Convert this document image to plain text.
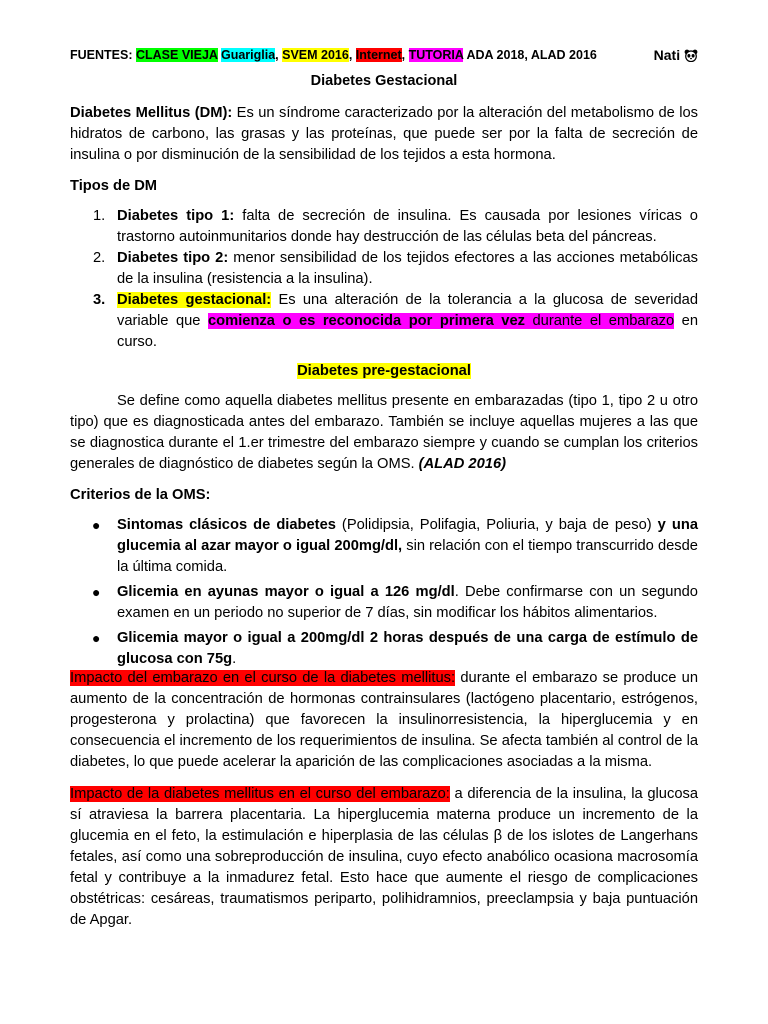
FUENTES: CLASE VIEJA Guariglia, SVEM 2016, Internet, TUTORIA ADA 2018, ALAD 2016	Nati
Diabetes Gestacional

Diabetes Mellitus (DM): Es un síndrome caracterizado por la alteración del metabolismo de los hidratos de carbono, las grasas y las proteínas, que puede ser por la falta de secreción de insulina o por disminución de la sensibilidad de los tejidos a esta hormona.

Tipos de DM

1. Diabetes tipo 1: falta de secreción de insulina. Es causada por lesiones víricas o trastorno autoinmunitarios donde hay destrucción de las células beta del páncreas.
2. Diabetes tipo 2: menor sensibilidad de los tejidos efectores a las acciones metabólicas de la insulina (resistencia a la insulina).
3. Diabetes gestacional: Es una alteración de la tolerancia a la glucosa de severidad variable que comienza o es reconocida por primera vez durante el embarazo en curso.

Diabetes pre-gestacional

Se define como aquella diabetes mellitus presente en embarazadas (tipo 1, tipo 2 u otro tipo) que es diagnosticada antes del embarazo. También se incluye aquellas mujeres a las que se diagnostica durante el 1.er trimestre del embarazo siempre y cuando se cumplan los criterios generales de diagnóstico de diabetes según la OMS. (ALAD 2016)

Criterios de la OMS:

● Sintomas clásicos de diabetes (Polidipsia, Polifagia, Poliuria, y baja de peso) y una glucemia al azar mayor o igual 200mg/dl, sin relación con el tiempo transcurrido desde la última comida.
● Glicemia en ayunas mayor o igual a 126 mg/dl. Debe confirmarse con un segundo examen en un periodo no superior de 7 días, sin modificar los hábitos alimentarios.
● Glicemia mayor o igual a 200mg/dl 2 horas después de una carga de estímulo de glucosa con 75g.

Impacto del embarazo en el curso de la diabetes mellitus: durante el embarazo se produce un aumento de la concentración de hormonas contrainsulares (lactógeno placentario, estrógenos, progesterona y prolactina) que favorecen la insulinorresistencia, la hiperglucemia y en consecuencia el incremento de los requerimientos de insulina. Se afecta también al control de la diabetes, lo que puede acelerar la aparición de las complicaciones asociadas a la misma.

Impacto de la diabetes mellitus en el curso del embarazo: a diferencia de la insulina, la glucosa sí atraviesa la barrera placentaria. La hiperglucemia materna produce un incremento de la glucemia en el feto, la estimulación e hiperplasia de las células β de los islotes de Langerhans fetales, así como una sobreproducción de insulina, cuyo efecto anabólico ocasiona macrosomía fetal y contribuye a la inmadurez fetal. Esto hace que aumente el riesgo de complicaciones obstétricas: cesáreas, traumatismos periparto, polihidramnios, preeclampsia y baja puntuación de Apgar.
